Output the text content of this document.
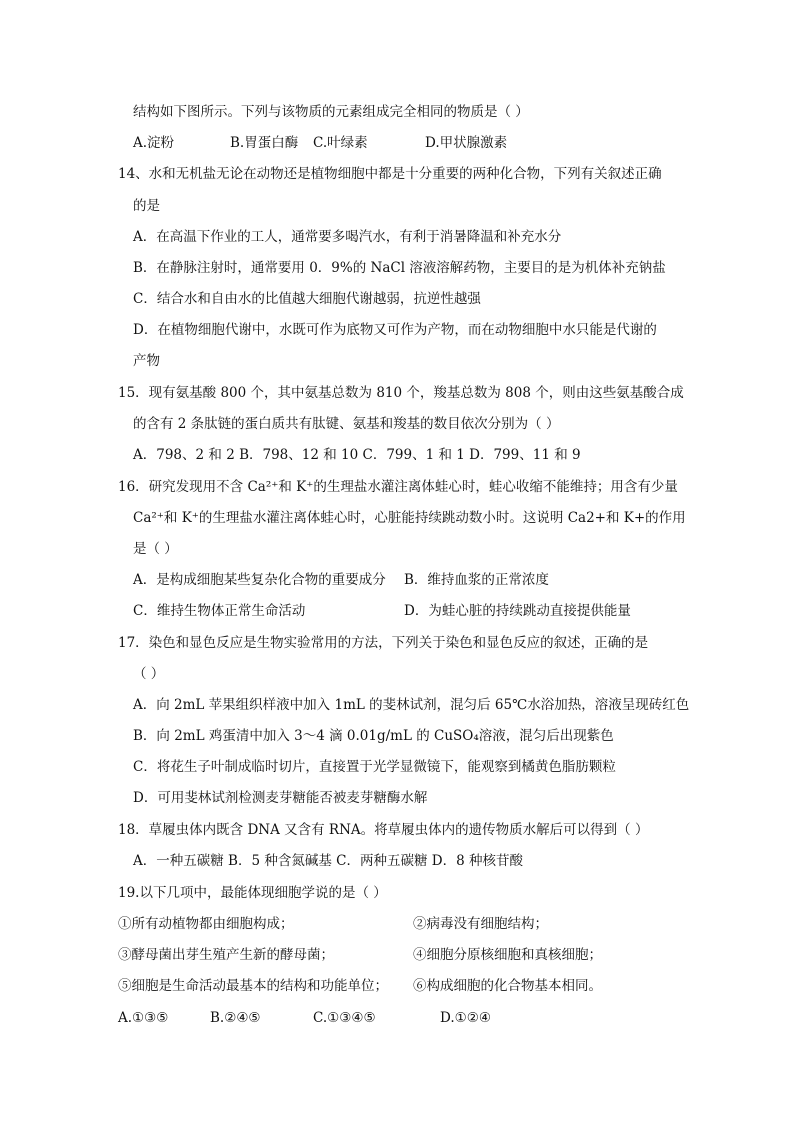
结构如下图所示。下列与该物质的元素组成完全相同的物质是（ ）
A.淀粉	B.胃蛋白酶 C.叶绿素	D.甲状腺激素
14、水和无机盐无论在动物还是植物细胞中都是十分重要的两种化合物，下列有关叙述正确
的是
A．在高温下作业的工人，通常要多喝汽水，有利于消暑降温和补充水分
B．在静脉注射时，通常要用 0．9%的 NaCl 溶液溶解药物，主要目的是为机体补充钠盐
C．结合水和自由水的比值越大细胞代谢越弱，抗逆性越强
D．在植物细胞代谢中，水既可作为底物又可作为产物，而在动物细胞中水只能是代谢的
产物
15．现有氨基酸 800 个，其中氨基总数为 810 个，羧基总数为 808 个，则由这些氨基酸合成
的含有 2 条肽链的蛋白质共有肽键、氨基和羧基的数目依次分别为（ ）
A．798、2 和 2 B．798、12 和 10 C．799、1 和 1 D．799、11 和 9
16．研究发现用不含 Ca²⁺和 K⁺的生理盐水灌注离体蛙心时，蛙心收缩不能维持；用含有少量
Ca²⁺和 K⁺的生理盐水灌注离体蛙心时，心脏能持续跳动数小时。这说明 Ca2+和 K+的作用
是（ ）
A．是构成细胞某些复杂化合物的重要成分 B．维持血浆的正常浓度
C．维持生物体正常生命活动	D．为蛙心脏的持续跳动直接提供能量
17．染色和显色反应是生物实验常用的方法，下列关于染色和显色反应的叙述，正确的是
（ ）
A．向 2mL 苹果组织样液中加入 1mL 的斐林试剂，混匀后 65℃水浴加热，溶液呈现砖红色
B．向 2mL 鸡蛋清中加入 3～4 滴 0.01g/mL 的 CuSO₄溶液，混匀后出现紫色
C．将花生子叶制成临时切片，直接置于光学显微镜下，能观察到橘黄色脂肪颗粒
D．可用斐林试剂检测麦芽糖能否被麦芽糖酶水解
18．草履虫体内既含 DNA 又含有 RNA。将草履虫体内的遗传物质水解后可以得到（ ）
A．一种五碳糖 B．5 种含氮碱基 C．两种五碳糖 D．8 种核苷酸
19.以下几项中，最能体现细胞学说的是（ ）
①所有动植物都由细胞构成；	②病毒没有细胞结构；
③酵母菌出芽生殖产生新的酵母菌；	④细胞分原核细胞和真核细胞；
⑤细胞是生命活动最基本的结构和功能单位； ⑥构成细胞的化合物基本相同。
A.①③⑤	B.②④⑤	C.①③④⑤	D.①②④
